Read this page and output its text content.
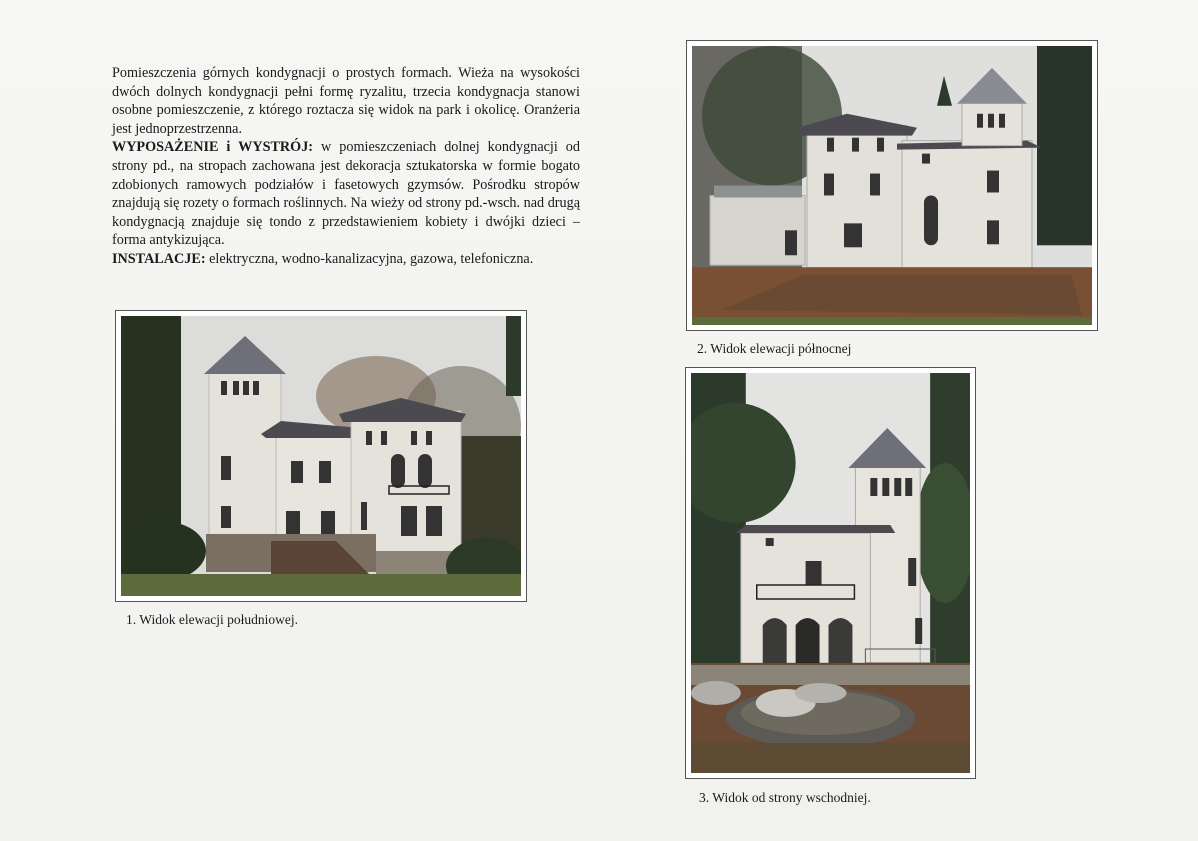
Pomieszczenia górnych kondygnacji o prostych formach. Wieża na wysokości dwóch dolnych kondygnacji pełni formę ryzalitu, trzecia kondygnacja stanowi osobne pomieszczenie, z którego roztacza się widok na park i okolicę. Oranżeria jest jednoprzestrzenna.

WYPOSAŻENIE i WYSTRÓJ: w pomieszczeniach dolnej kondygnacji od strony pd., na stropach zachowana jest dekoracja sztukatorska w formie bogato zdobionych ramowych podziałów i fasetowych gzymsów. Pośrodku stropów znajdują się rozety o formach roślinnych. Na wieży od strony pd.-wsch. nad drugą kondygnacją znajduje się tondo z przedstawieniem kobiety i dwójki dzieci – forma antykizująca.

INSTALACJE: elektryczna, wodno-kanalizacyjna, gazowa, telefoniczna.

1. Widok elewacji południowej.
2. Widok elewacji północnej
3. Widok od strony wschodniej.
